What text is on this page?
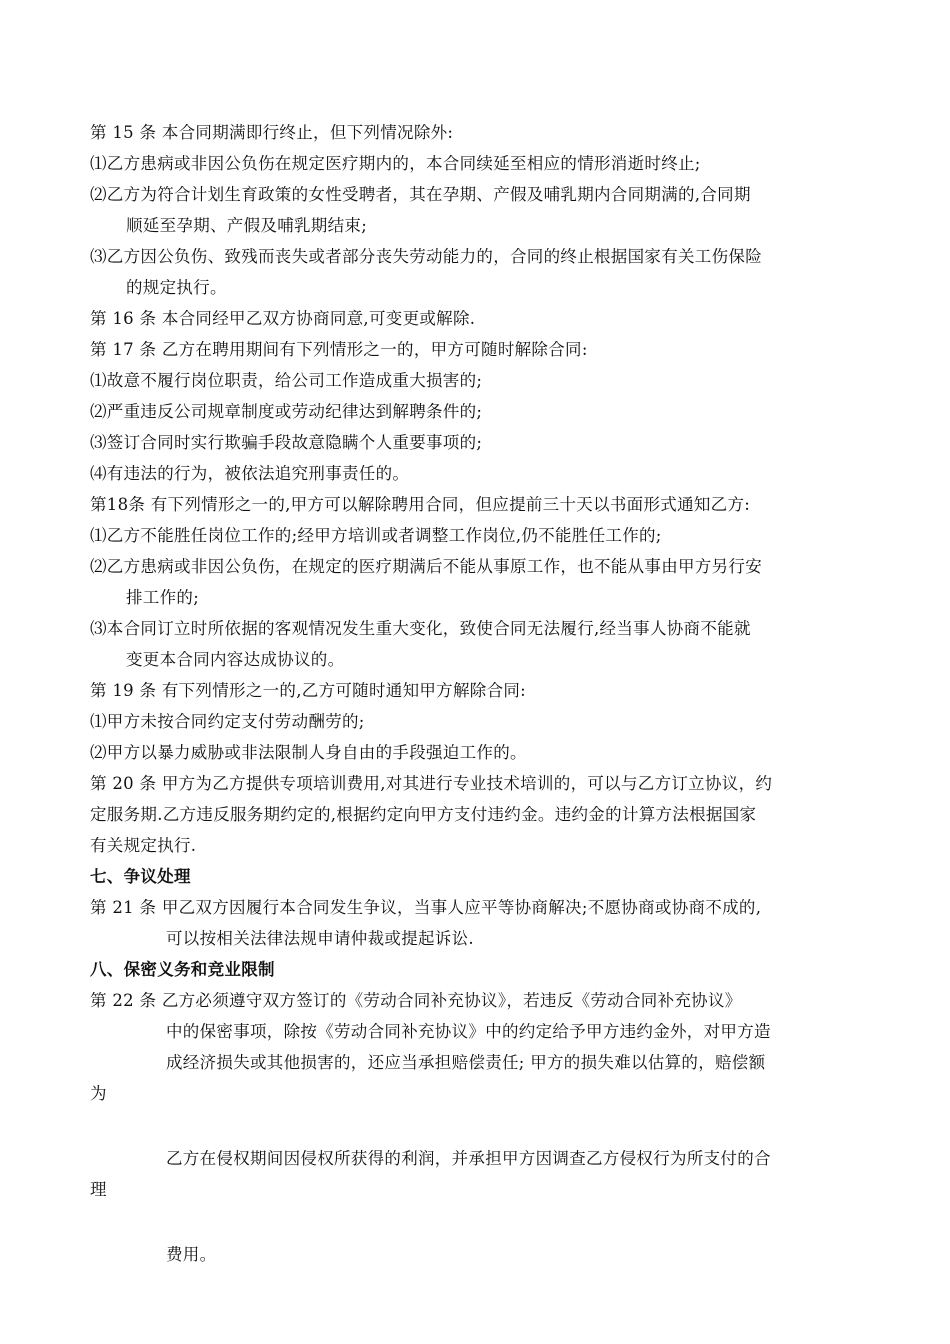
第 15 条 本合同期满即行终止，但下列情况除外:

⑴乙方患病或非因公负伤在规定医疗期内的，本合同续延至相应的情形消逝时终止;

⑵乙方为符合计划生育政策的女性受聘者，其在孕期、产假及哺乳期内合同期满的,合同期

顺延至孕期、产假及哺乳期结束;

⑶乙方因公负伤、致残而丧失或者部分丧失劳动能力的，合同的终止根据国家有关工伤保险

的规定执行。

第 16 条 本合同经甲乙双方协商同意,可变更或解除.

第 17 条 乙方在聘用期间有下列情形之一的，甲方可随时解除合同:

⑴故意不履行岗位职责，给公司工作造成重大损害的;

⑵严重违反公司规章制度或劳动纪律达到解聘条件的;

⑶签订合同时实行欺骗手段故意隐瞒个人重要事项的;

⑷有违法的行为，被依法追究刑事责任的。

第18条 有下列情形之一的,甲方可以解除聘用合同，但应提前三十天以书面形式通知乙方:

⑴乙方不能胜任岗位工作的;经甲方培训或者调整工作岗位,仍不能胜任工作的;

⑵乙方患病或非因公负伤，在规定的医疗期满后不能从事原工作，也不能从事由甲方另行安

排工作的;

⑶本合同订立时所依据的客观情况发生重大变化，致使合同无法履行,经当事人协商不能就

变更本合同内容达成协议的。

第 19 条 有下列情形之一的,乙方可随时通知甲方解除合同:

⑴甲方未按合同约定支付劳动酬劳的;

⑵甲方以暴力威胁或非法限制人身自由的手段强迫工作的。

第 20 条 甲方为乙方提供专项培训费用,对其进行专业技术培训的，可以与乙方订立协议，约

定服务期.乙方违反服务期约定的,根据约定向甲方支付违约金。违约金的计算方法根据国家

有关规定执行.

七、争议处理

第 21 条 甲乙双方因履行本合同发生争议，当事人应平等协商解决;不愿协商或协商不成的,

可以按相关法律法规申请仲裁或提起诉讼.

八、保密义务和竞业限制

第 22 条 乙方必须遵守双方签订的《劳动合同补充协议》，若违反《劳动合同补充协议》

中的保密事项，除按《劳动合同补充协议》中的约定给予甲方违约金外，对甲方造

成经济损失或其他损害的，还应当承担赔偿责任; 甲方的损失难以估算的，赔偿额

为

乙方在侵权期间因侵权所获得的利润，并承担甲方因调查乙方侵权行为所支付的合

理

费用。
